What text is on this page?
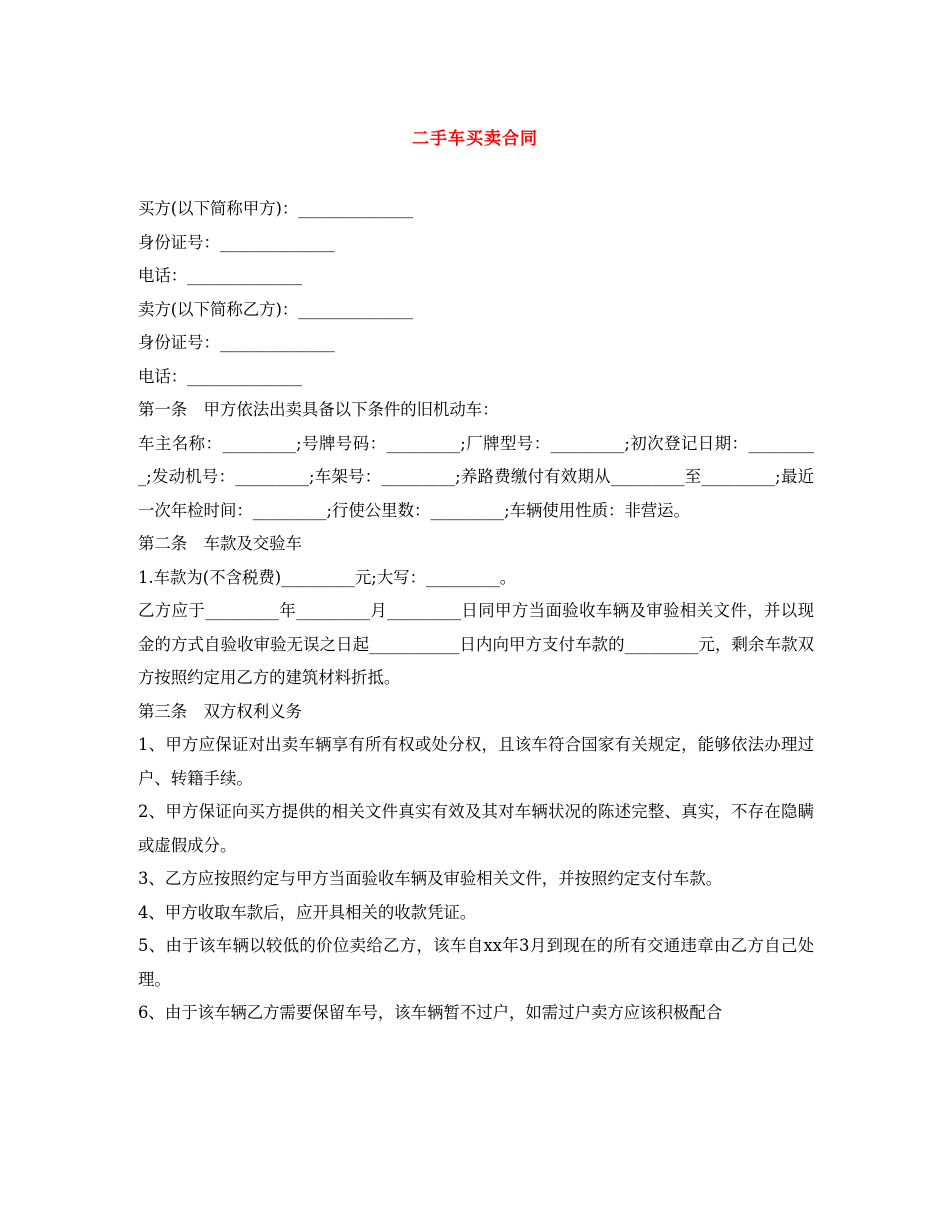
二手车买卖合同

买方(以下简称甲方)：______________

身份证号：______________

电话：______________

卖方(以下简称乙方)：______________

身份证号：______________

电话：______________

第一条　甲方依法出卖具备以下条件的旧机动车：

车主名称：_________;号牌号码：_________;厂牌型号：_________;初次登记日期：_________;发动机号：_________;车架号：_________;养路费缴付有效期从_________至_________;最近一次年检时间：_________;行使公里数：_________;车辆使用性质：非营运。

第二条　车款及交验车

1.车款为(不含税费)_________元;大写：_________。

乙方应于_________年_________月_________日同甲方当面验收车辆及审验相关文件，并以现金的方式自验收审验无误之日起___________日内向甲方支付车款的_________元，剩余车款双方按照约定用乙方的建筑材料折抵。

第三条　双方权利义务

1、甲方应保证对出卖车辆享有所有权或处分权，且该车符合国家有关规定，能够依法办理过户、转籍手续。

2、甲方保证向买方提供的相关文件真实有效及其对车辆状况的陈述完整、真实，不存在隐瞒或虚假成分。

3、乙方应按照约定与甲方当面验收车辆及审验相关文件，并按照约定支付车款。

4、甲方收取车款后，应开具相关的收款凭证。

5、由于该车辆以较低的价位卖给乙方，该车自xx年3月到现在的所有交通违章由乙方自己处理。

6、由于该车辆乙方需要保留车号，该车辆暂不过户，如需过户卖方应该积极配合
